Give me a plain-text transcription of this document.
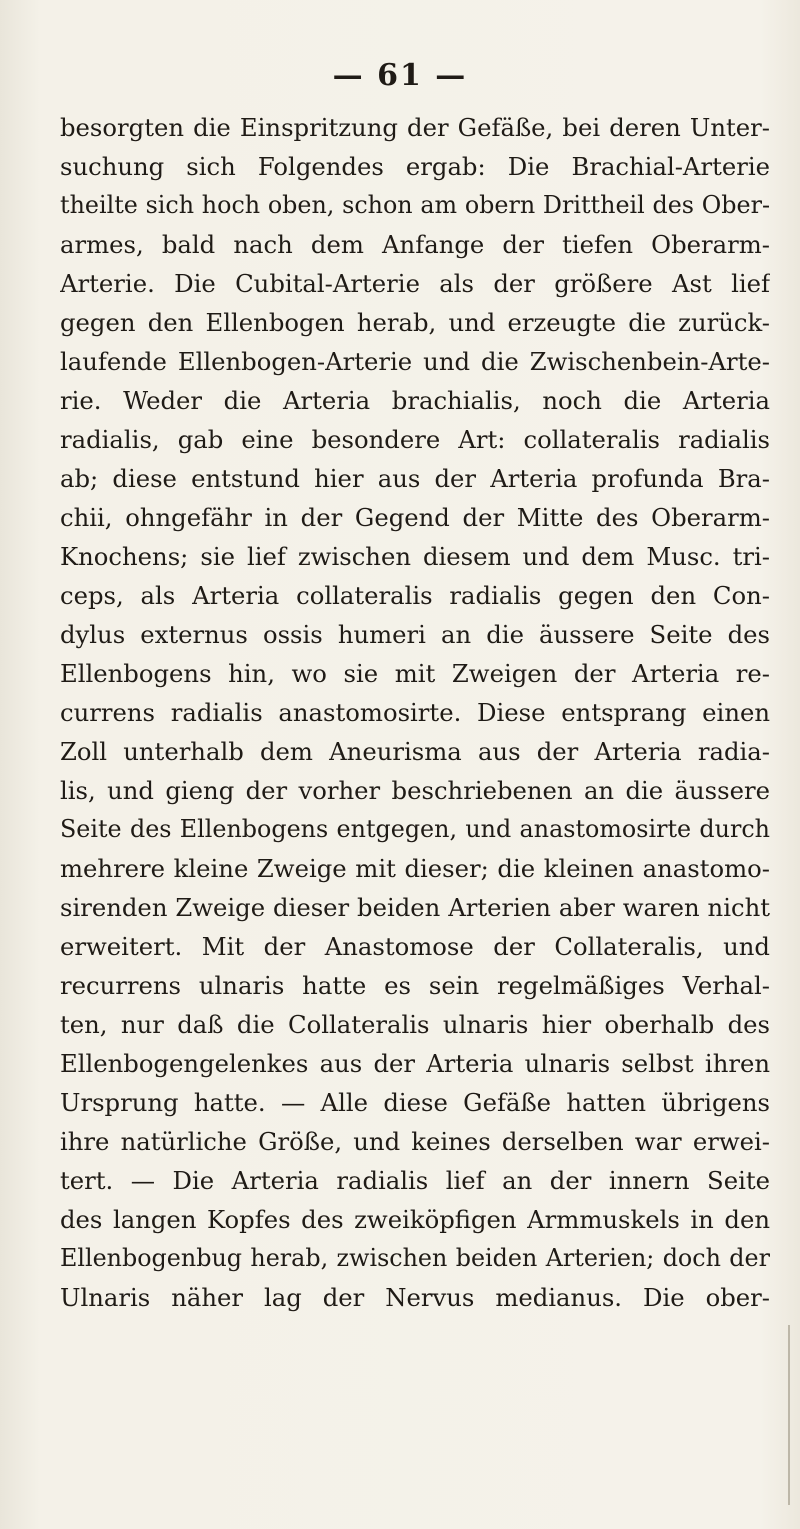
— 61 —
besorgten die Einspritzung der Gefäße, bei deren Unter-
suchung sich Folgendes ergab: Die Brachial-Arterie
theilte sich hoch oben, schon am obern Drittheil des Ober-
armes, bald nach dem Anfange der tiefen Oberarm-
Arterie. Die Cubital-Arterie als der größere Ast lief
gegen den Ellenbogen herab, und erzeugte die zurück-
laufende Ellenbogen-Arterie und die Zwischenbein-Arte-
rie. Weder die Arteria brachialis, noch die Arteria
radialis, gab eine besondere Art: collateralis radialis
ab; diese entstund hier aus der Arteria profunda Bra-
chii, ohngefähr in der Gegend der Mitte des Oberarm-
Knochens; sie lief zwischen diesem und dem Musc. tri-
ceps, als Arteria collateralis radialis gegen den Con-
dylus externus ossis humeri an die äussere Seite des
Ellenbogens hin, wo sie mit Zweigen der Arteria re-
currens radialis anastomosirte. Diese entsprang einen
Zoll unterhalb dem Aneurisma aus der Arteria radia-
lis, und gieng der vorher beschriebenen an die äussere
Seite des Ellenbogens entgegen, und anastomosirte durch
mehrere kleine Zweige mit dieser; die kleinen anastomo-
sirenden Zweige dieser beiden Arterien aber waren nicht
erweitert. Mit der Anastomose der Collateralis, und
recurrens ulnaris hatte es sein regelmäßiges Verhal-
ten, nur daß die Collateralis ulnaris hier oberhalb des
Ellenbogengelenkes aus der Arteria ulnaris selbst ihren
Ursprung hatte. — Alle diese Gefäße hatten übrigens
ihre natürliche Größe, und keines derselben war erwei-
tert. — Die Arteria radialis lief an der innern Seite
des langen Kopfes des zweiköpfigen Armmuskels in den
Ellenbogenbug herab, zwischen beiden Arterien; doch der
Ulnaris näher lag der Nervus medianus. Die ober-
